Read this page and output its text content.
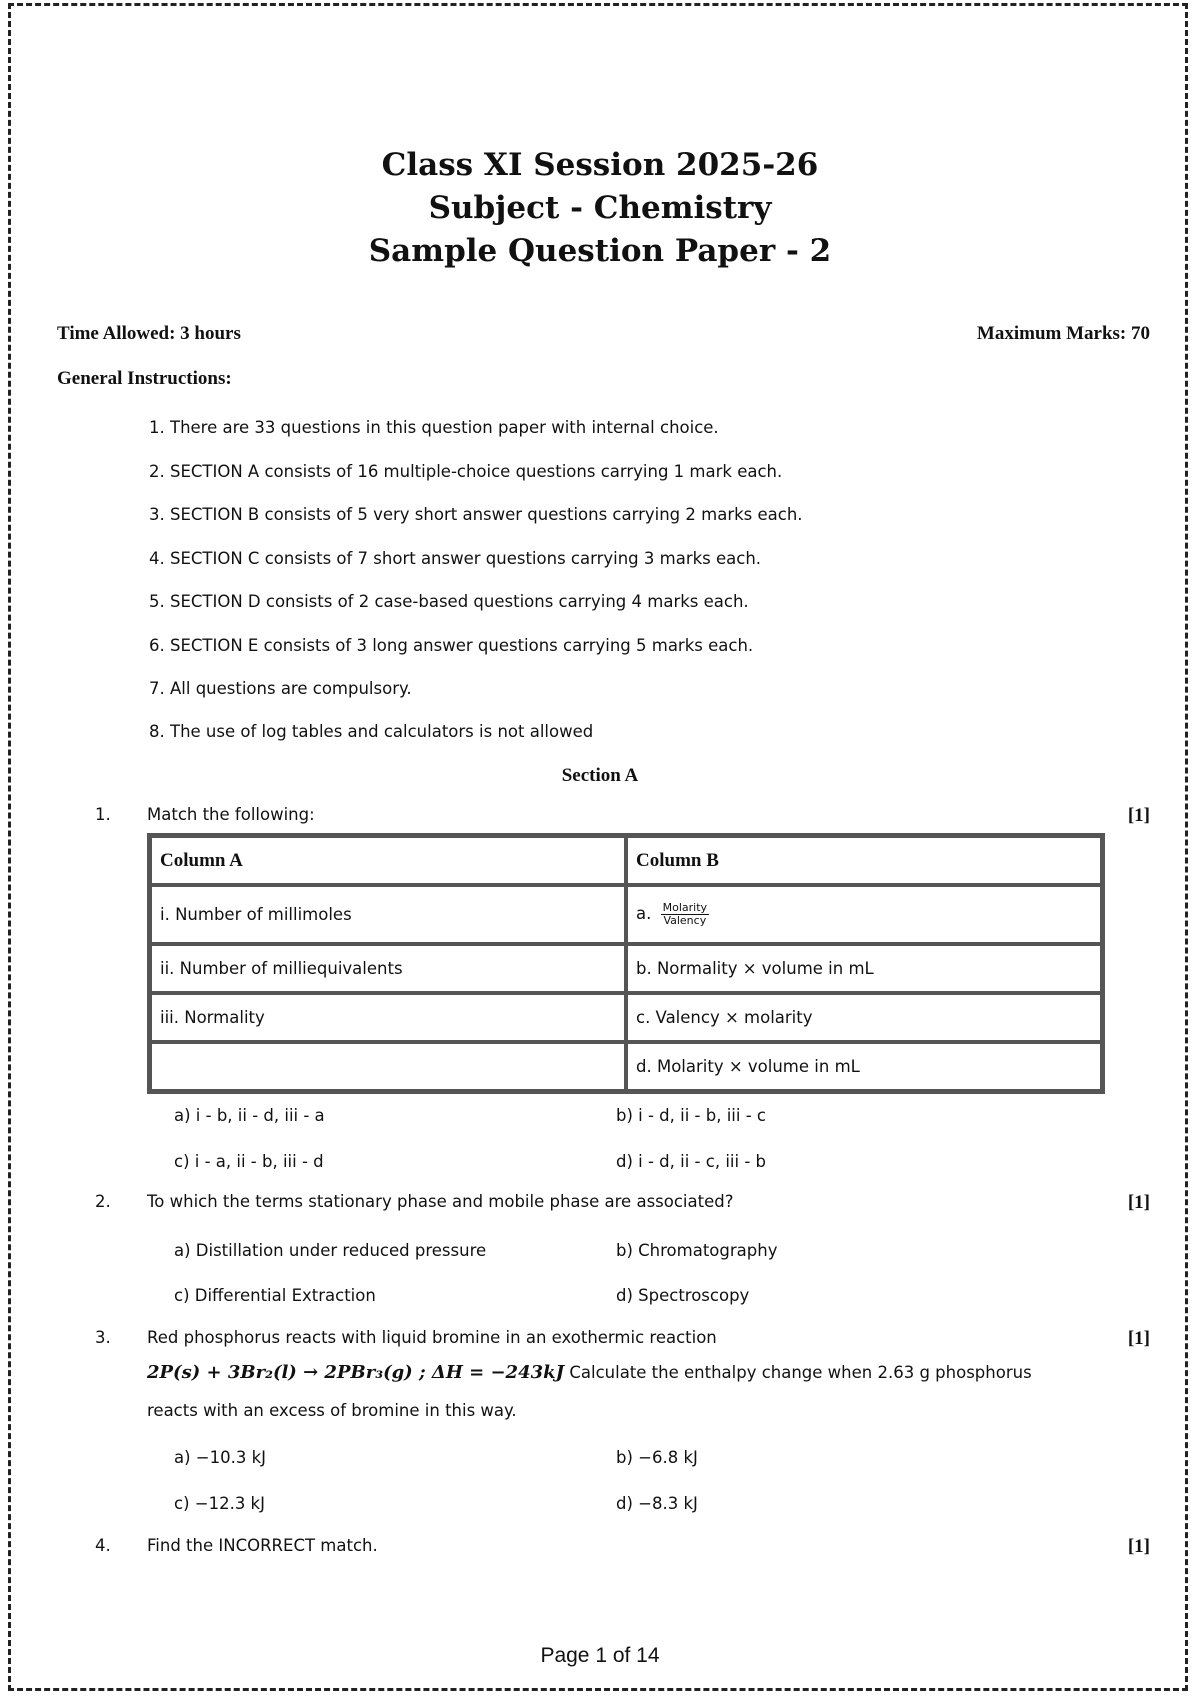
Class XI Session 2025-26
Subject - Chemistry
Sample Question Paper - 2
Time Allowed: 3 hours	Maximum Marks: 70
General Instructions:
1. There are 33 questions in this question paper with internal choice.
2. SECTION A consists of 16 multiple-choice questions carrying 1 mark each.
3. SECTION B consists of 5 very short answer questions carrying 2 marks each.
4. SECTION C consists of 7 short answer questions carrying 3 marks each.
5. SECTION D consists of 2 case-based questions carrying 4 marks each.
6. SECTION E consists of 3 long answer questions carrying 5 marks each.
7. All questions are compulsory.
8. The use of log tables and calculators is not allowed
Section A
1. Match the following:	[1]
Column A	Column B
i. Number of millimoles	a. $\frac{\text{Molarity}}{\text{Valency}}$

ii. Number of milliequivalents	b. Normality × volume in mL
iii. Normality	c. Valency × molarity
	d. Molarity × volume in mL
a) i - b, ii - d, iii - a	b) i - d, ii - b, iii - c
c) i - a, ii - b, iii - d	d) i - d, ii - c, iii - b
2. To which the terms stationary phase and mobile phase are associated?	[1]
a) Distillation under reduced pressure	b) Chromatography
c) Differential Extraction	d) Spectroscopy
3. Red phosphorus reacts with liquid bromine in an exothermic reaction	[1]
2P(s) + 3Br₂(l) → 2PBr₃(g) ; ΔH = −243kJ Calculate the enthalpy change when 2.63 g phosphorus
reacts with an excess of bromine in this way.
a) −10.3 kJ	b) −6.8 kJ
c) −12.3 kJ	d) −8.3 kJ
4. Find the INCORRECT match.	[1]
Page 1 of 14
